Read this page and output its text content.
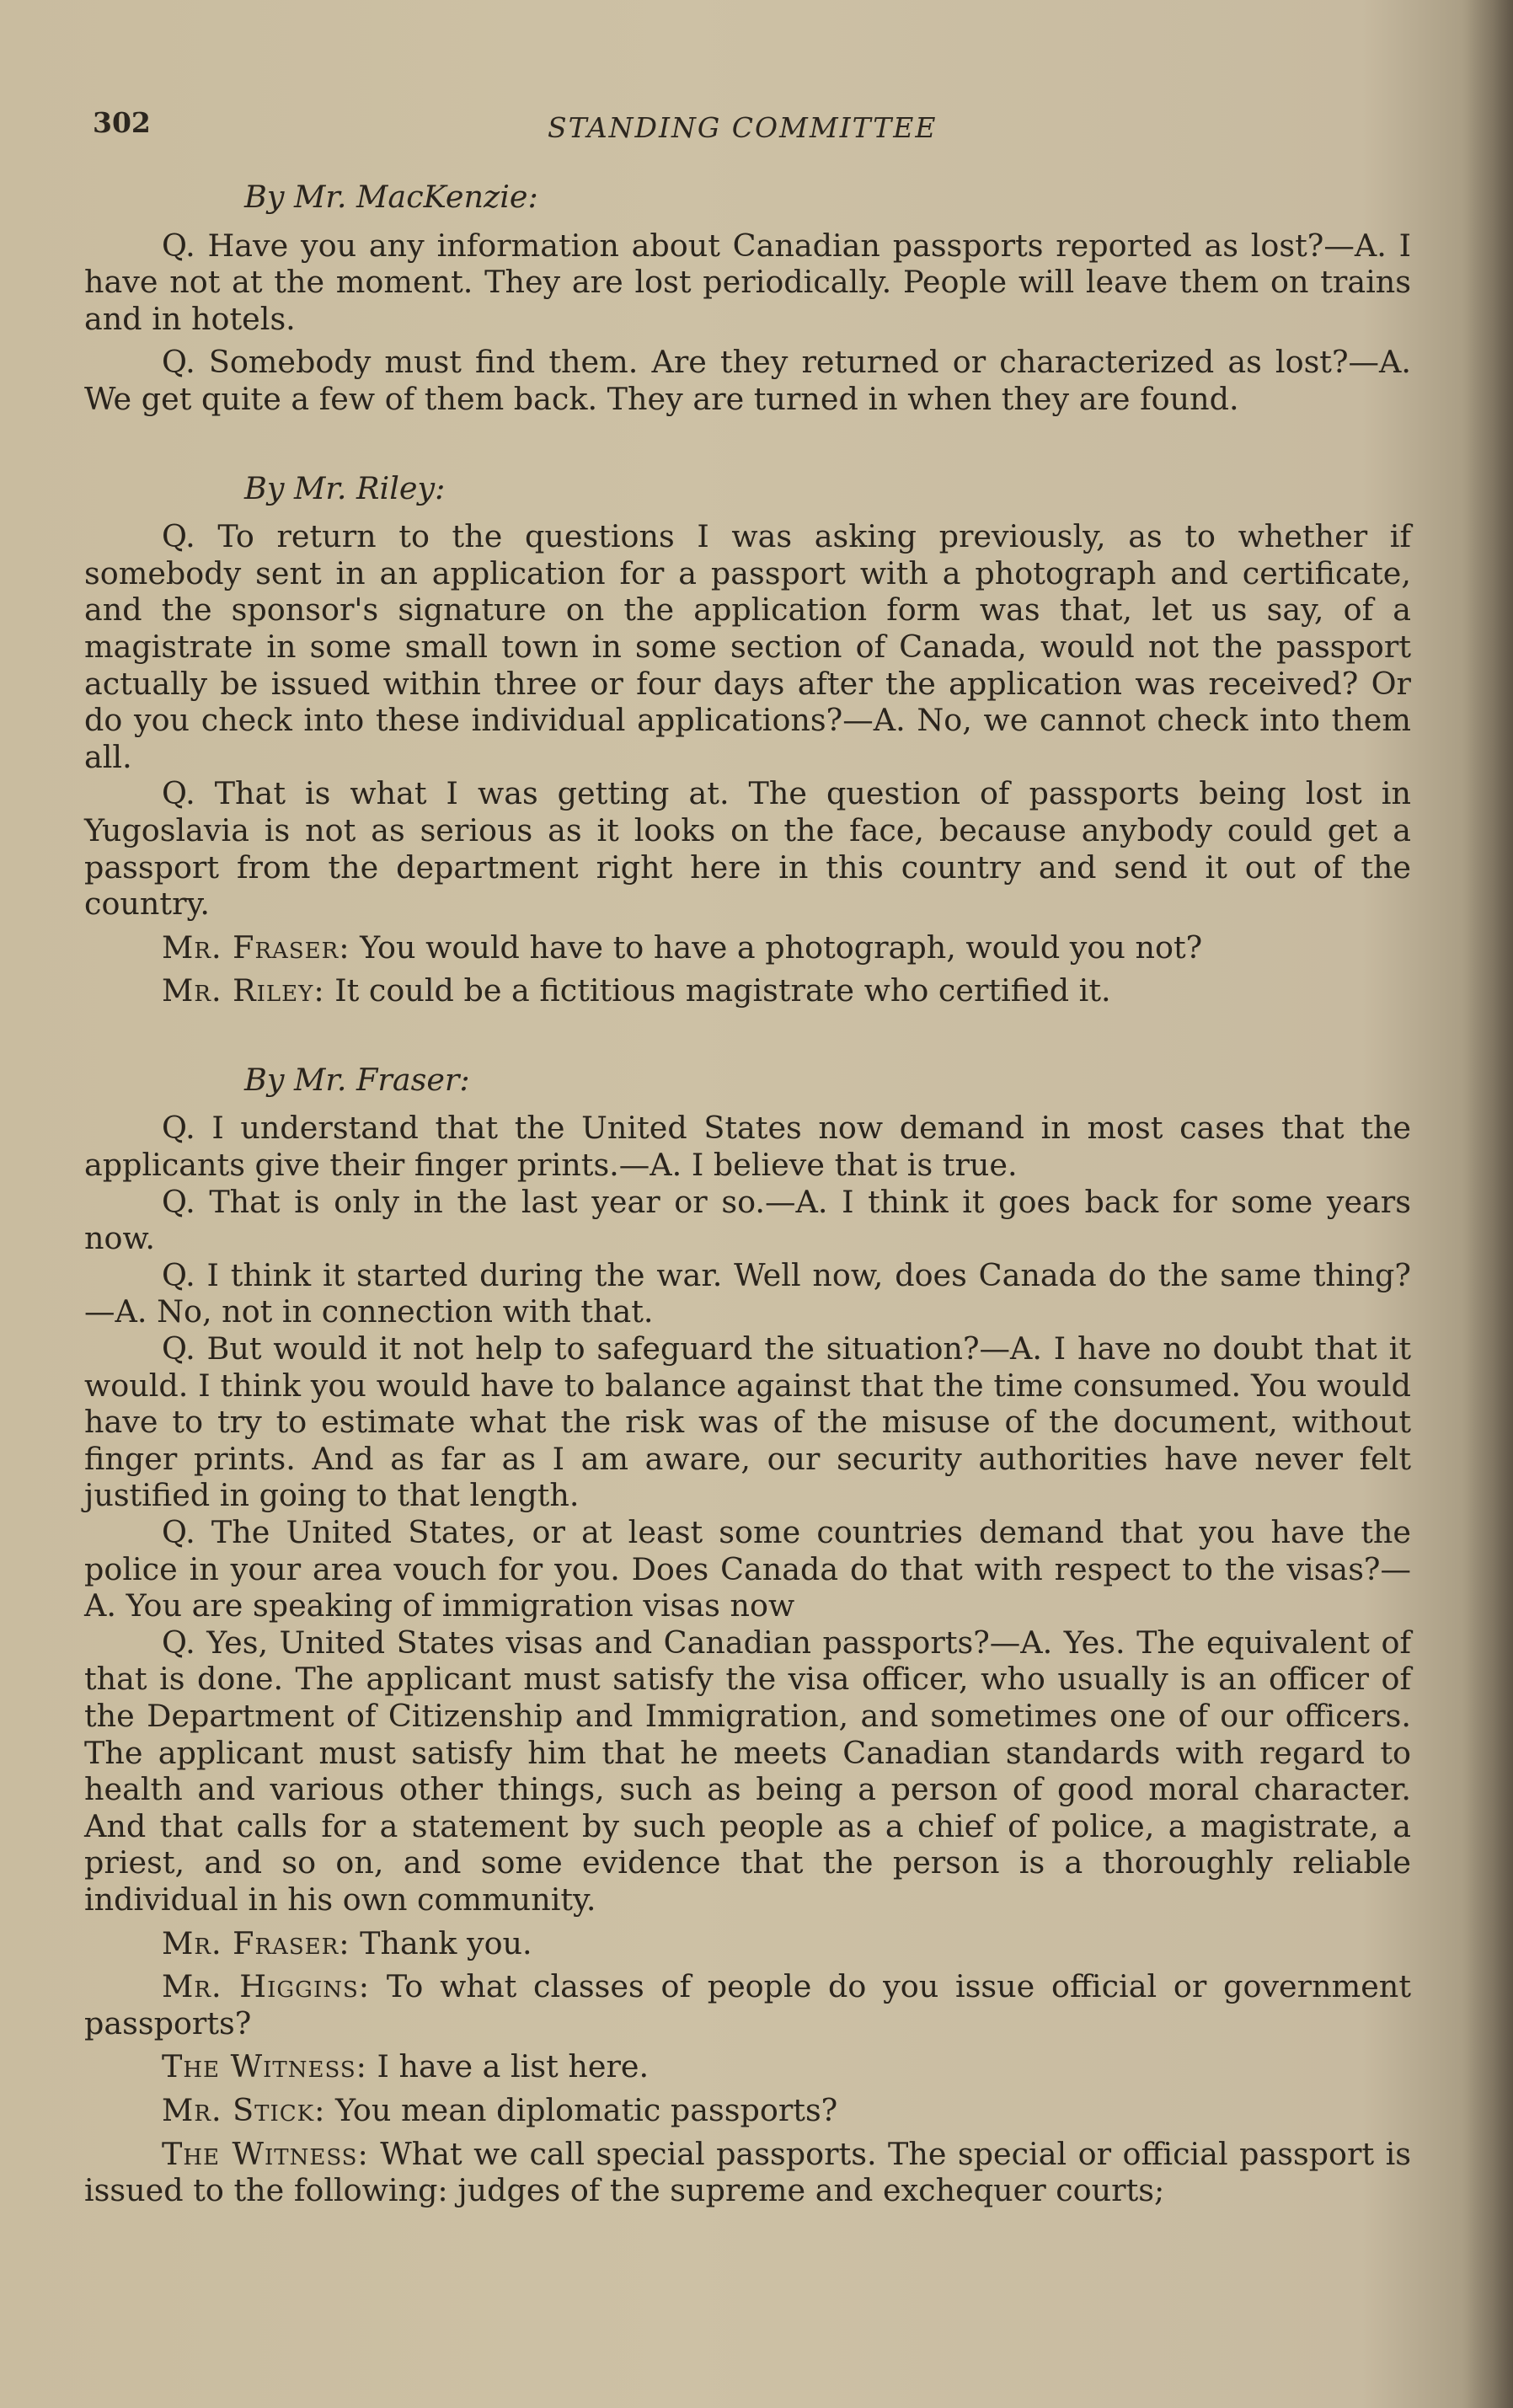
302	STANDING COMMITTEE
By Mr. MacKenzie:

Q. Have you any information about Canadian passports reported as lost?—A. I have not at the moment. They are lost periodically. People will leave them on trains and in hotels.

Q. Somebody must find them. Are they returned or characterized as lost?—A. We get quite a few of them back. They are turned in when they are found.

By Mr. Riley:

Q. To return to the questions I was asking previously, as to whether if somebody sent in an application for a passport with a photograph and certificate, and the sponsor's signature on the application form was that, let us say, of a magistrate in some small town in some section of Canada, would not the passport actually be issued within three or four days after the application was received? Or do you check into these individual applications?—A. No, we cannot check into them all.

Q. That is what I was getting at. The question of passports being lost in Yugoslavia is not as serious as it looks on the face, because anybody could get a passport from the department right here in this country and send it out of the country.

Mr. Fraser: You would have to have a photograph, would you not?

Mr. Riley: It could be a fictitious magistrate who certified it.

By Mr. Fraser:

Q. I understand that the United States now demand in most cases that the applicants give their finger prints.—A. I believe that is true.

Q. That is only in the last year or so.—A. I think it goes back for some years now.

Q. I think it started during the war. Well now, does Canada do the same thing?—A. No, not in connection with that.

Q. But would it not help to safeguard the situation?—A. I have no doubt that it would. I think you would have to balance against that the time consumed. You would have to try to estimate what the risk was of the misuse of the document, without finger prints. And as far as I am aware, our security authorities have never felt justified in going to that length.

Q. The United States, or at least some countries demand that you have the police in your area vouch for you. Does Canada do that with respect to the visas?—A. You are speaking of immigration visas now

Q. Yes, United States visas and Canadian passports?—A. Yes. The equivalent of that is done. The applicant must satisfy the visa officer, who usually is an officer of the Department of Citizenship and Immigration, and sometimes one of our officers. The applicant must satisfy him that he meets Canadian standards with regard to health and various other things, such as being a person of good moral character. And that calls for a statement by such people as a chief of police, a magistrate, a priest, and so on, and some evidence that the person is a thoroughly reliable individual in his own community.

Mr. Fraser: Thank you.

Mr. Higgins: To what classes of people do you issue official or government passports?

The Witness: I have a list here.

Mr. Stick: You mean diplomatic passports?

The Witness: What we call special passports. The special or official passport is issued to the following: judges of the supreme and exchequer courts;
